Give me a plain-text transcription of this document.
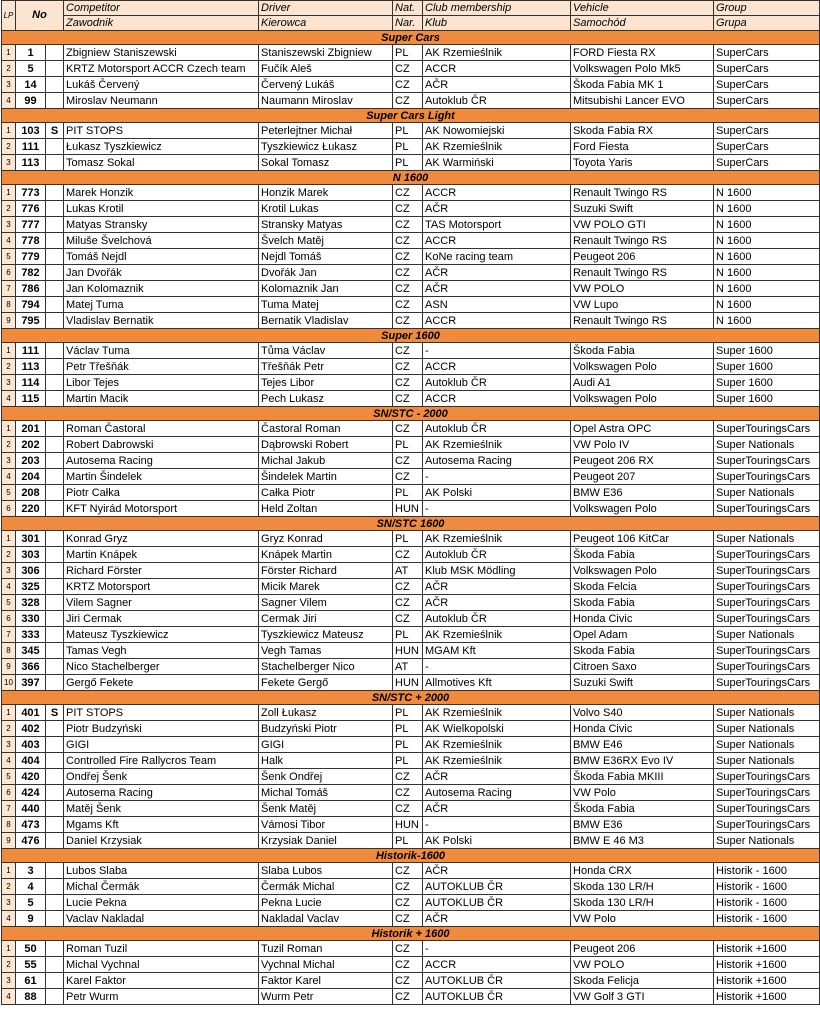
LP	No		Competitor	Driver	Nat.	Club membership	Vehicle	Group
			Zawodnik	Kierowca	Nar.	Klub	Samochód	Grupa
Super Cars								
1	1		Zbigniew Staniszewski	Staniszewski Zbigniew	PL	AK Rzemieślnik	FORD Fiesta RX	SuperCars
2	5		KRTZ Motorsport ACCR Czech team	Fučík Aleš	CZ	ACCR	Volkswagen Polo Mk5	SuperCars
3	14		Lukáš Červený	Červený Lukáš	CZ	AČR	Škoda Fabia MK 1	SuperCars
4	99		Miroslav Neumann	Naumann Miroslav	CZ	Autoklub ČR	Mitsubishi Lancer EVO	SuperCars
Super Cars Light								
1	103	S	PIT STOPS	Peterlejtner Michał	PL	AK Nowomiejski	Skoda Fabia RX	SuperCars
2	111		Łukasz Tyszkiewicz	Tyszkiewicz Łukasz	PL	AK Rzemieślnik	Ford Fiesta	SuperCars
3	113		Tomasz Sokal	Sokal Tomasz	PL	AK Warmiński	Toyota Yaris	SuperCars
N 1600								
1	773		Marek Honzik	Honzik Marek	CZ	ACCR	Renault Twingo RS	N 1600
2	776		Lukas Krotil	Krotil Lukas	CZ	AČR	Suzuki Swift	N 1600
3	777		Matyas Stransky	Stransky Matyas	CZ	TAS Motorsport	VW POLO GTI	N 1600
4	778		Miluše Švelchová	Švelch Matěj	CZ	ACCR	Renault Twingo RS	N 1600
5	779		Tomáš Nejdl	Nejdl Tomáš	CZ	KoNe racing team	Peugeot 206	N 1600
6	782		Jan Dvořák	Dvořák Jan	CZ	AČR	Renault Twingo RS	N 1600
7	786		Jan Kolomaznik	Kolomaznik Jan	CZ	AČR	VW POLO	N 1600
8	794		Matej Tuma	Tuma Matej	CZ	ASN	VW Lupo	N 1600
9	795		Vladislav Bernatik	Bernatik Vladislav	CZ	ACCR	Renault Twingo RS	N 1600
Super 1600								
1	111		Václav Tuma	Tůma Václav	CZ	-	Škoda Fabia	Super 1600
2	113		Petr Třešňák	Třešňák Petr	CZ	ACCR	Volkswagen Polo	Super 1600
3	114		Libor Tejes	Tejes Libor	CZ	Autoklub ČR	Audi A1	Super 1600
4	115		Martin Macik	Pech Lukasz	CZ	ACCR	Volkswagen Polo	Super 1600
SN/STC - 2000								
1	201		Roman Častoral	Častoral Roman	CZ	Autoklub ČR	Opel Astra OPC	SuperTouringsCars
2	202		Robert Dabrowski	Dąbrowski Robert	PL	AK Rzemieślnik	VW Polo IV	Super Nationals
3	203		Autosema Racing	Michal Jakub	CZ	Autosema Racing	Peugeot 206 RX	SuperTouringsCars
4	204		Martin Šindelek	Šindelek Martin	CZ	-	Peugeot 207	SuperTouringsCars
5	208		Piotr Całka	Całka Piotr	PL	AK Polski	BMW E36	Super Nationals
6	220		KFT Nyirád Motorsport	Held Zoltan	HUN	-	Volkswagen Polo	SuperTouringsCars
SN/STC 1600								
1	301		Konrad Gryz	Gryz Konrad	PL	AK Rzemieślnik	Peugeot 106 KitCar	Super Nationals
2	303		Martin Knápek	Knápek Martin	CZ	Autoklub ČR	Škoda Fabia	SuperTouringsCars
3	306		Richard Förster	Förster Richard	AT	Klub MSK Mödling	Volkswagen Polo	SuperTouringsCars
4	325		KRTZ Motorsport	Micik Marek	CZ	AČR	Skoda Felcia	SuperTouringsCars
5	328		Vilem Sagner	Sagner Vilem	CZ	AČR	Skoda Fabia	SuperTouringsCars
6	330		Jiri Cermak	Cermak Jiri	CZ	Autoklub ČR	Honda Civic	SuperTouringsCars
7	333		Mateusz Tyszkiewicz	Tyszkiewicz Mateusz	PL	AK Rzemieślnik	Opel Adam	Super Nationals
8	345		Tamas Vegh	Vegh Tamas	HUN	MGAM Kft	Skoda Fabia	SuperTouringsCars
9	366		Nico Stachelberger	Stachelberger Nico	AT	-	Citroen Saxo	SuperTouringsCars
10	397		Gergő Fekete	Fekete Gergő	HUN	Allmotives Kft	Suzuki Swift	SuperTouringsCars
SN/STC + 2000								
1	401	S	PIT STOPS	Zoll Łukasz	PL	AK Rzemieślnik	Volvo S40	Super Nationals
2	402		Piotr Budzyński	Budzyński Piotr	PL	AK Wielkopolski	Honda Civic	Super Nationals
3	403		GIGI	GIGI	PL	AK Rzemieślnik	BMW E46	Super Nationals
4	404		Controlled Fire Rallycros Team	Halk	PL	AK Rzemieślnik	BMW E36RX Evo IV	Super Nationals
5	420		Ondřej Šenk	Šenk Ondřej	CZ	AČR	Škoda Fabia MKIII	SuperTouringsCars
6	424		Autosema Racing	Michal Tomáš	CZ	Autosema Racing	VW Polo	SuperTouringsCars
7	440		Matěj Šenk	Šenk Matěj	CZ	AČR	Škoda Fabia	SuperTouringsCars
8	473		Mgams Kft	Vámosi Tibor	HUN	-	BMW E36	SuperTouringsCars
9	476		Daniel Krzysiak	Krzysiak Daniel	PL	AK Polski	BMW E 46 M3	Super Nationals
Historik-1600								
1	3		Lubos Slaba	Slaba Lubos	CZ	AČR	Honda CRX	Historik - 1600
2	4		Michal Čermák	Čermák Michal	CZ	AUTOKLUB ČR	Skoda 130 LR/H	Historik - 1600
3	5		Lucie Pekna	Pekna Lucie	CZ	AUTOKLUB ČR	Skoda 130 LR/H	Historik - 1600
4	9		Vaclav Nakladal	Nakladal Vaclav	CZ	AČR	VW Polo	Historik - 1600
Historik + 1600								
1	50		Roman Tuzil	Tuzil Roman	CZ	-	Peugeot 206	Historik +1600
2	55		Michal Vychnal	Vychnal Michal	CZ	ACCR	VW POLO	Historik +1600
3	61		Karel Faktor	Faktor Karel	CZ	AUTOKLUB ČR	Skoda Felicja	Historik +1600
4	88		Petr Wurm	Wurm Petr	CZ	AUTOKLUB ČR	VW Golf 3 GTI	Historik +1600
